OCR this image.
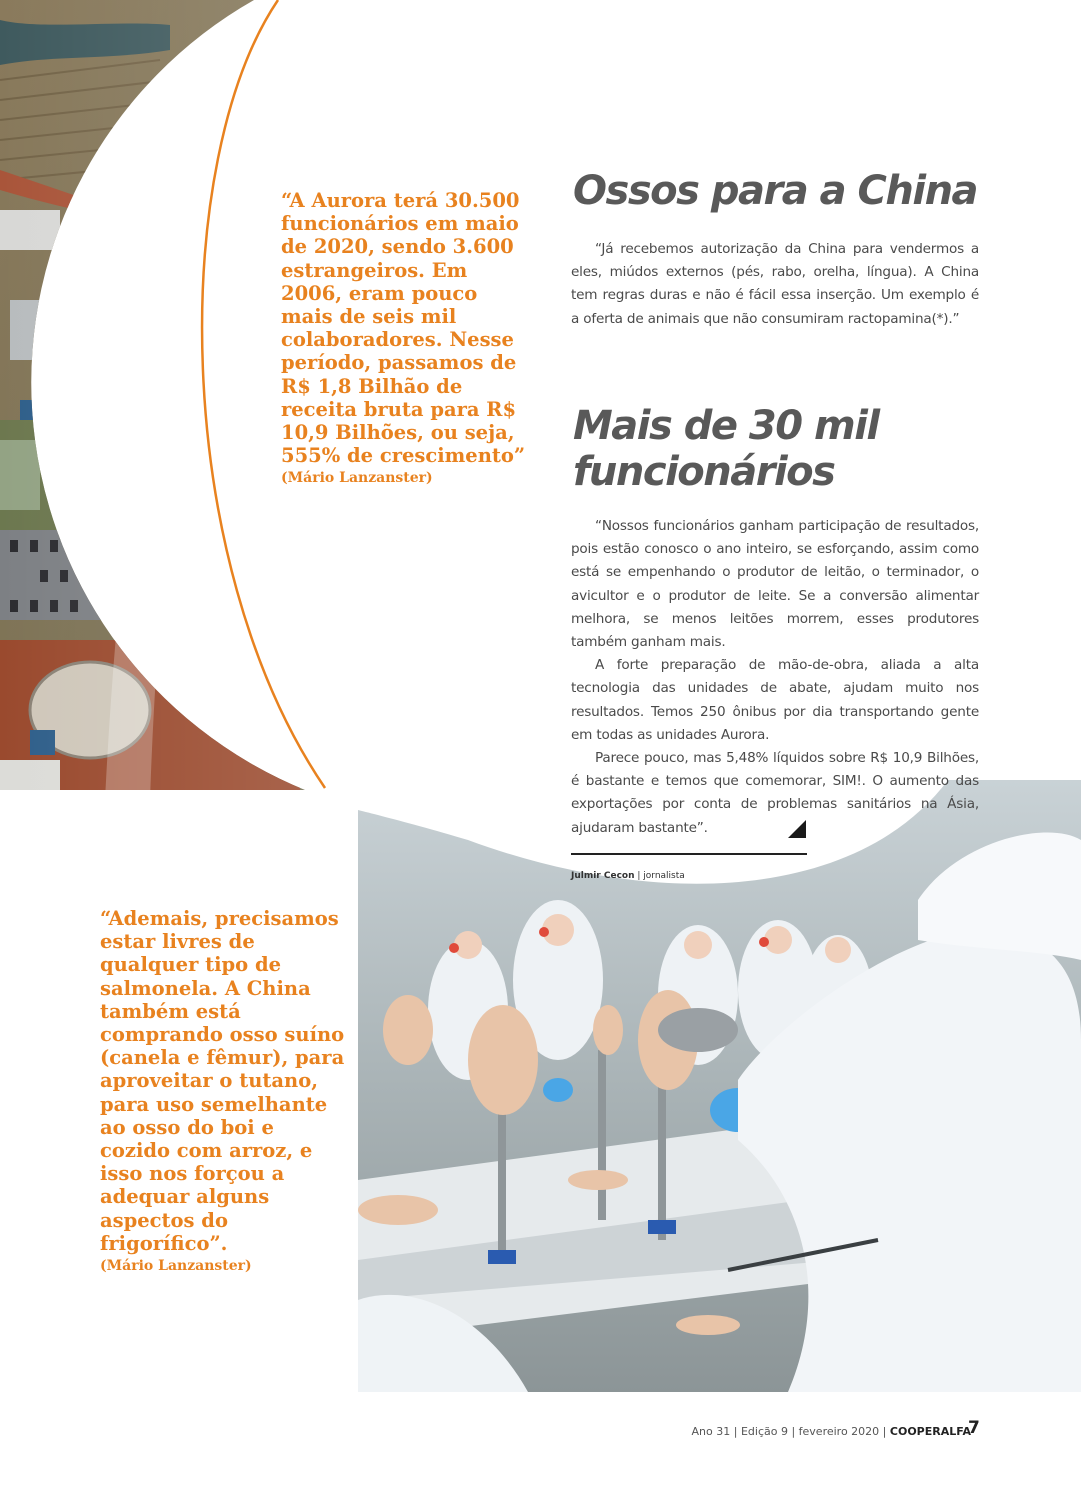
“A Aurora terá 30.500 funcionários em maio de 2020, sendo 3.600 estrangeiros. Em 2006, eram pouco mais de seis mil colaboradores. Nesse período, passamos de R$ 1,8 Bilhão de receita bruta para R$ 10,9 Bilhões, ou seja, 555% de crescimento”
(Mário Lanzanster)
Ossos para a China

“Já recebemos autorização da China para vendermos a eles, miúdos externos (pés, rabo, orelha, língua). A China tem regras duras e não é fácil essa inserção. Um exemplo é a oferta de animais que não consumiram ractopamina(*).”

Mais de 30 mil
funcionários

“Nossos funcionários ganham participação de resultados, pois estão conosco o ano inteiro, se esforçando, assim como está se empenhando o produtor de leitão, o terminador, o avicultor e o produtor de leite. Se a conversão alimentar melhora, se menos leitões morrem, esses produtores também ganham mais.

A forte preparação de mão-de-obra, aliada a alta tecnologia das unidades de abate, ajudam muito nos resultados. Temos 250 ônibus por dia transportando gente em todas as unidades Aurora.

Parece pouco, mas 5,48% líquidos sobre R$ 10,9 Bilhões, é bastante e temos que comemorar, SIM!. O aumento das exportações por conta de problemas sanitários na Ásia, ajudaram bastante”.

Julmir Cecon | jornalista
“Ademais, precisamos estar livres de qualquer tipo de salmonela. A China também está comprando osso suíno (canela e fêmur), para aproveitar o tutano, para uso semelhante ao osso do boi e cozido com arroz, e isso nos forçou a adequar alguns aspectos do frigorífico”.
(Mário Lanzanster)
Ano 31 | Edição 9 | fevereiro 2020 | COOPERALFA
7
